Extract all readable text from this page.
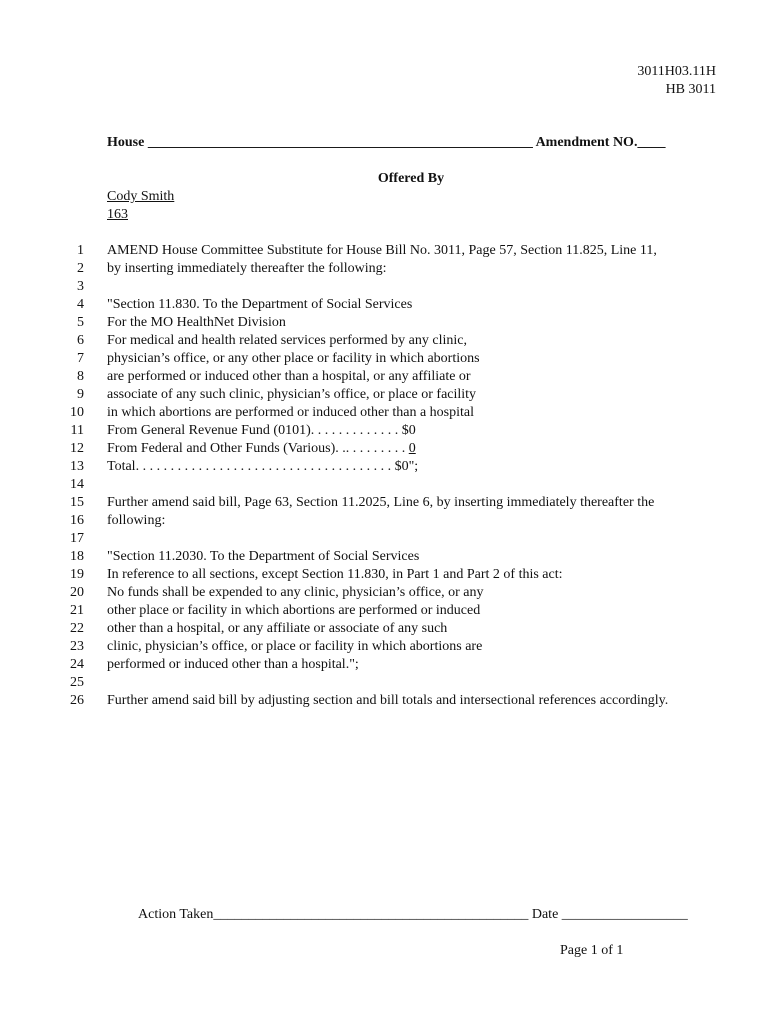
3011H03.11H
HB 3011
House _______________________________________________________ Amendment NO.____
Offered By
Cody Smith
163
1 AMEND House Committee Substitute for House Bill No. 3011, Page 57, Section 11.825, Line 11,
2 by inserting immediately thereafter the following:
3
4 "Section 11.830. To the Department of Social Services
5 For the MO HealthNet Division
6 For medical and health related services performed by any clinic,
7 physician’s office, or any other place or facility in which abortions
8 are performed or induced other than a hospital, or any affiliate or
9 associate of any such clinic, physician’s office, or place or facility
10 in which abortions are performed or induced other than a hospital
11 From General Revenue Fund (0101). . . . . . . . . . . . . $0
12 From Federal and Other Funds (Various). .. . . . . . . . . 0
13 Total. . . . . . . . . . . . . . . . . . . . . . . . . . . . . . . . . . . . . $0";
14
15 Further amend said bill, Page 63, Section 11.2025, Line 6, by inserting immediately thereafter the
16 following:
17
18 "Section 11.2030. To the Department of Social Services
19 In reference to all sections, except Section 11.830, in Part 1 and Part 2 of this act:
20 No funds shall be expended to any clinic, physician’s office, or any
21 other place or facility in which abortions are performed or induced
22 other than a hospital, or any affiliate or associate of any such
23 clinic, physician’s office, or place or facility in which abortions are
24 performed or induced other than a hospital.";
25
26 Further amend said bill by adjusting section and bill totals and intersectional references accordingly.
Action Taken_____________________________________________ Date __________________
Page 1 of 1
